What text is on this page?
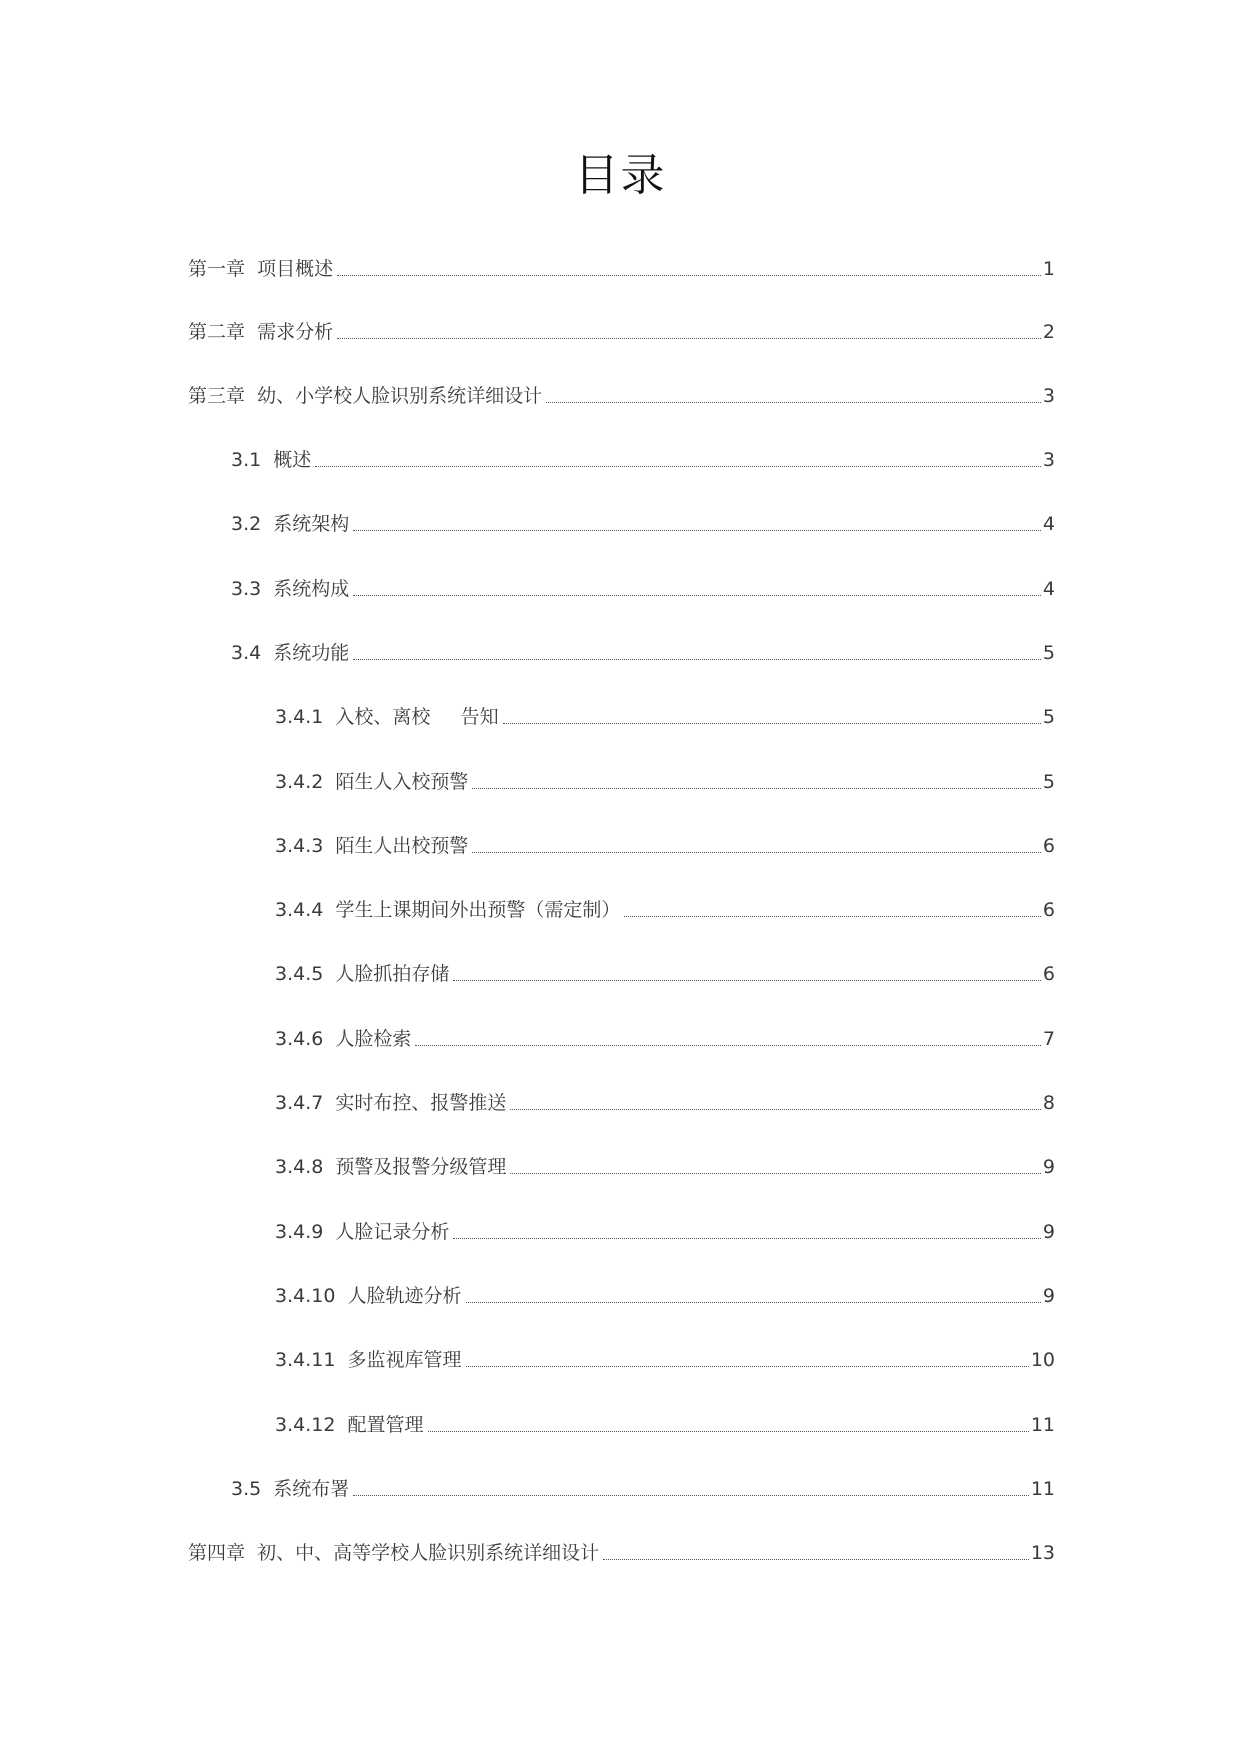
目录
第一章  项目概述	1
第二章  需求分析	2
第三章  幼、小学校人脸识别系统详细设计	3
3.1  概述	3
3.2  系统架构	4
3.3  系统构成	4
3.4  系统功能	5
3.4.1  入校、离校     告知	5
3.4.2  陌生人入校预警	5
3.4.3  陌生人出校预警	6
3.4.4  学生上课期间外出预警（需定制）	6
3.4.5  人脸抓拍存储	6
3.4.6  人脸检索	7
3.4.7  实时布控、报警推送	8
3.4.8  预警及报警分级管理	9
3.4.9  人脸记录分析	9
3.4.10  人脸轨迹分析	9
3.4.11  多监视库管理	10
3.4.12  配置管理	11
3.5  系统布署	11
第四章  初、中、高等学校人脸识别系统详细设计	13
